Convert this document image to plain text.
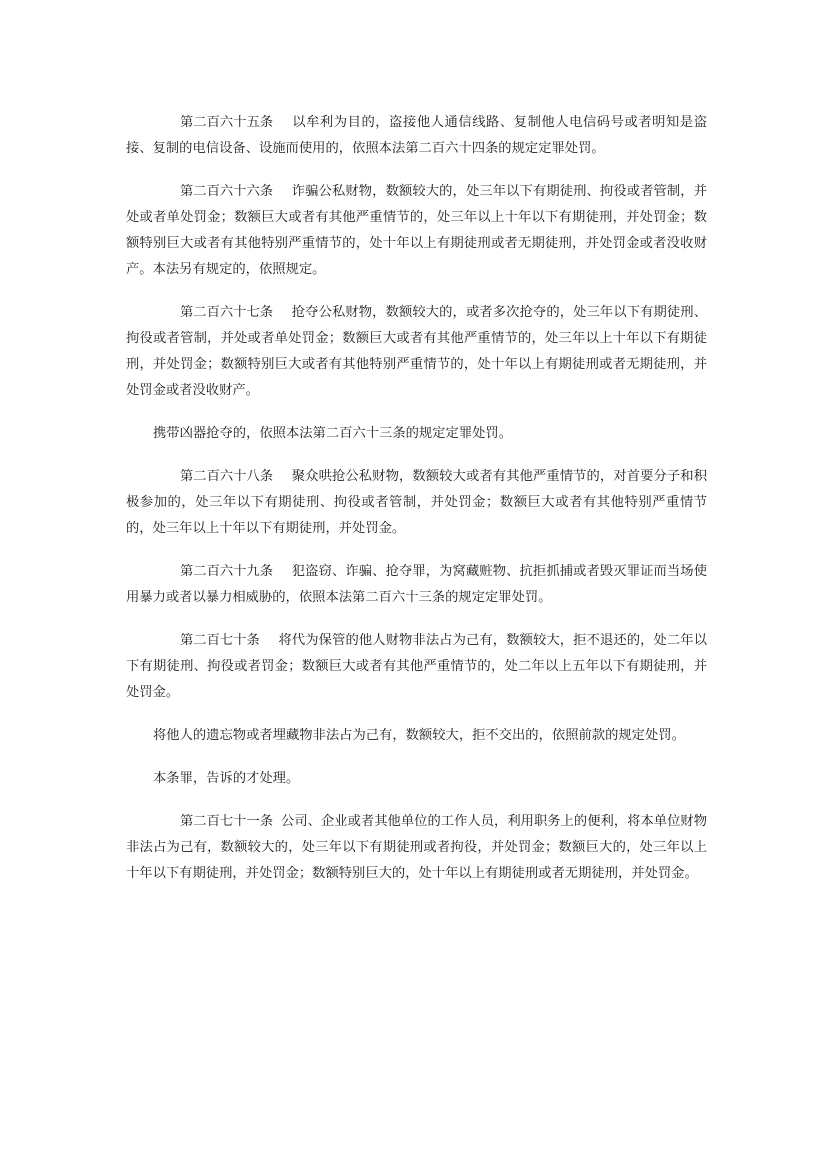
第二百六十五条 以牟利为目的，盗接他人通信线路、复制他人电信码号或者明知是盗接、复制的电信设备、设施而使用的，依照本法第二百六十四条的规定定罪处罚。

第二百六十六条 诈骗公私财物，数额较大的，处三年以下有期徒刑、拘役或者管制，并处或者单处罚金；数额巨大或者有其他严重情节的，处三年以上十年以下有期徒刑，并处罚金；数额特别巨大或者有其他特别严重情节的，处十年以上有期徒刑或者无期徒刑，并处罚金或者没收财产。本法另有规定的，依照规定。

第二百六十七条 抢夺公私财物，数额较大的，或者多次抢夺的，处三年以下有期徒刑、拘役或者管制，并处或者单处罚金；数额巨大或者有其他严重情节的，处三年以上十年以下有期徒刑，并处罚金；数额特别巨大或者有其他特别严重情节的，处十年以上有期徒刑或者无期徒刑，并处罚金或者没收财产。

携带凶器抢夺的，依照本法第二百六十三条的规定定罪处罚。

第二百六十八条 聚众哄抢公私财物，数额较大或者有其他严重情节的，对首要分子和积极参加的，处三年以下有期徒刑、拘役或者管制，并处罚金；数额巨大或者有其他特别严重情节的，处三年以上十年以下有期徒刑，并处罚金。

第二百六十九条 犯盗窃、诈骗、抢夺罪，为窝藏赃物、抗拒抓捕或者毁灭罪证而当场使用暴力或者以暴力相威胁的，依照本法第二百六十三条的规定定罪处罚。

第二百七十条 将代为保管的他人财物非法占为己有，数额较大，拒不退还的，处二年以下有期徒刑、拘役或者罚金；数额巨大或者有其他严重情节的，处二年以上五年以下有期徒刑，并处罚金。

将他人的遗忘物或者埋藏物非法占为己有，数额较大，拒不交出的，依照前款的规定处罚。

本条罪，告诉的才处理。

第二百七十一条 公司、企业或者其他单位的工作人员，利用职务上的便利，将本单位财物非法占为己有，数额较大的，处三年以下有期徒刑或者拘役，并处罚金；数额巨大的，处三年以上十年以下有期徒刑，并处罚金；数额特别巨大的，处十年以上有期徒刑或者无期徒刑，并处罚金。
